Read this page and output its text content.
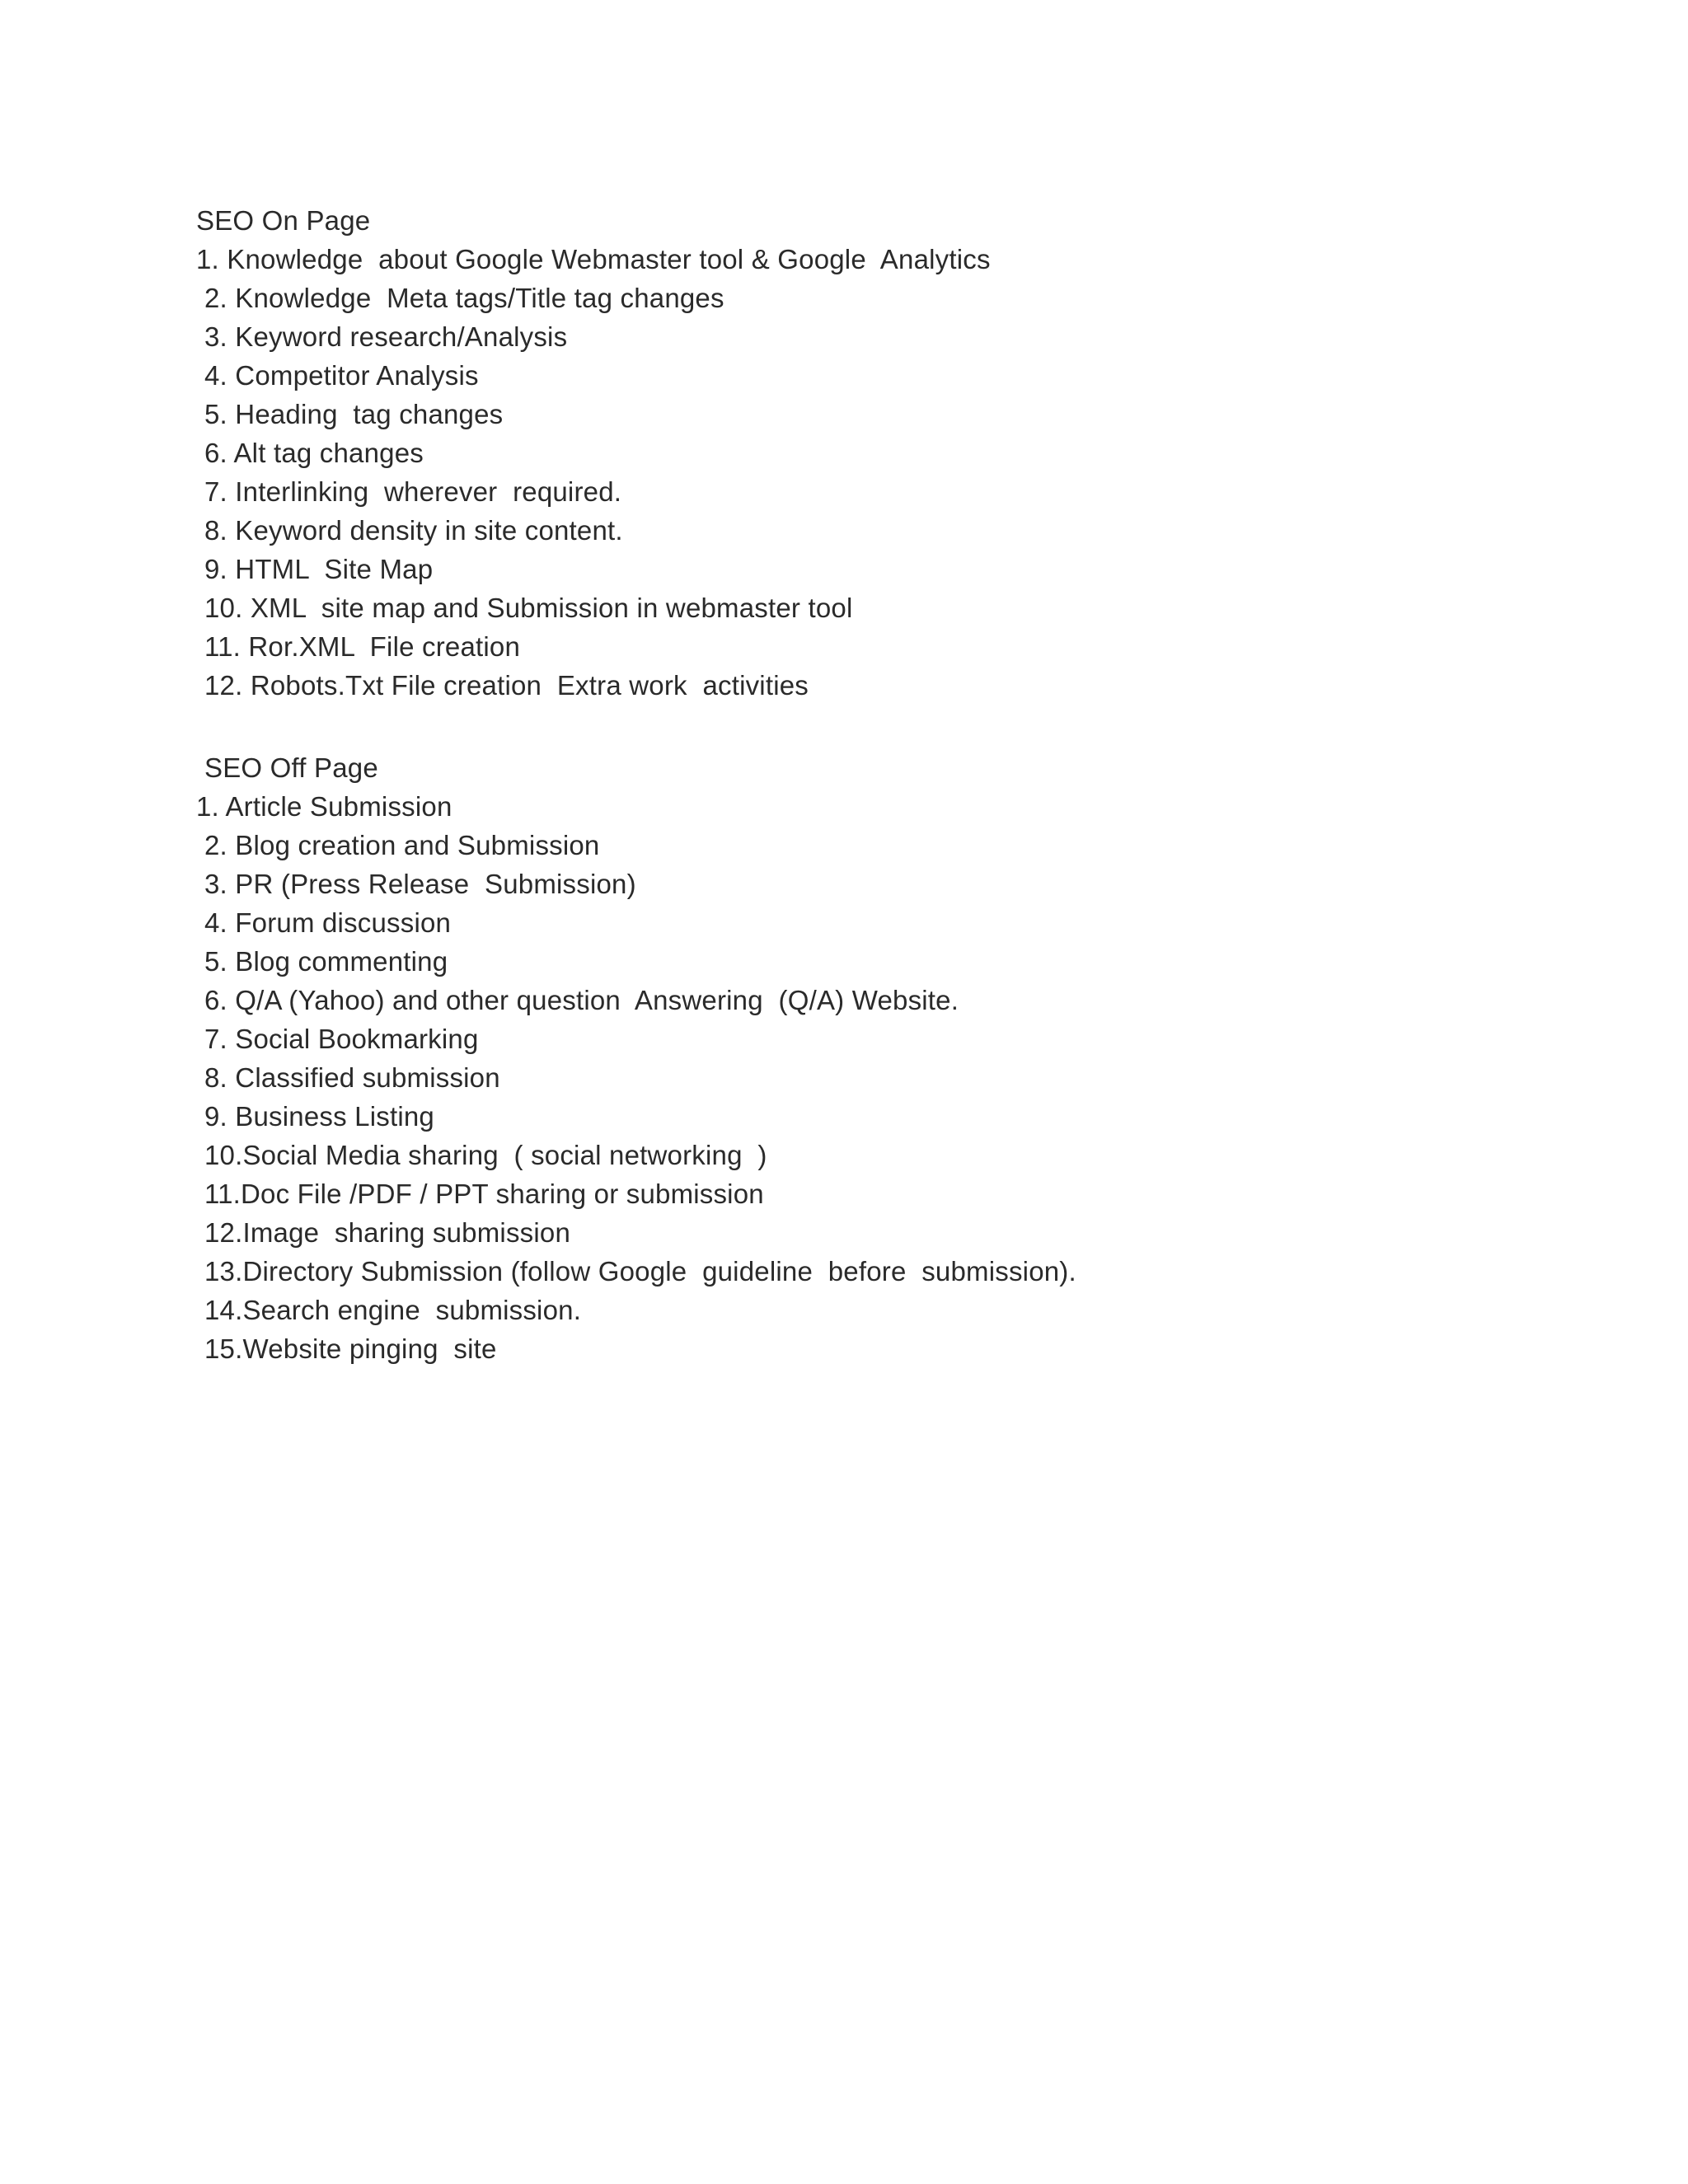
SEO On Page
1. Knowledge  about Google Webmaster tool & Google  Analytics
2. Knowledge  Meta tags/Title tag changes
3. Keyword research/Analysis
4. Competitor Analysis
5. Heading  tag changes
6. Alt tag changes
7. Interlinking  wherever  required.
8. Keyword density in site content.
9. HTML  Site Map
10. XML  site map and Submission in webmaster tool
11. Ror.XML  File creation
12. Robots.Txt File creation  Extra work  activities
SEO Off Page
1. Article Submission
2. Blog creation and Submission
3. PR (Press Release  Submission)
4. Forum discussion
5. Blog commenting
6. Q/A (Yahoo) and other question  Answering  (Q/A) Website.
7. Social Bookmarking
8. Classified submission
9. Business Listing
10.Social Media sharing  ( social networking  )
11.Doc File /PDF / PPT sharing or submission
12.Image  sharing submission
13.Directory Submission (follow Google  guideline  before  submission).
14.Search engine  submission.
15.Website pinging  site
